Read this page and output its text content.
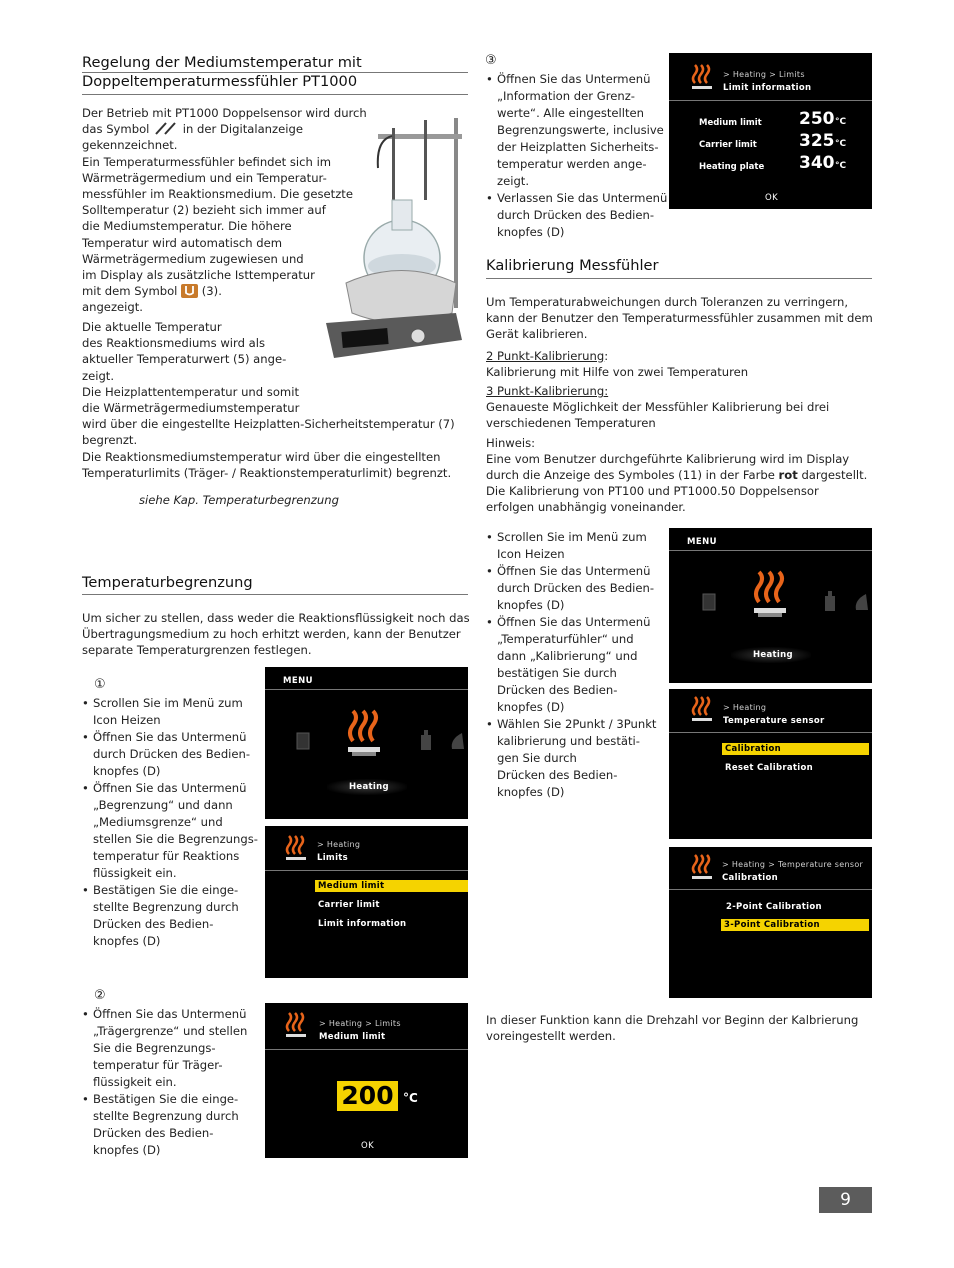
Regelung der Mediumstemperatur mit
Doppeltemperaturmessfühler PT1000
Der Betrieb mit PT1000 Doppelsensor wird durch
das Symbol	in der Digitalanzeige
gekennzeichnet.
Ein Temperaturmessfühler befindet sich im
Wärmeträgermedium und ein Temperatur-
messfühler im Reaktionsmedium. Die gesetzte
Solltemperatur (2) bezieht sich immer auf
die Mediumstemperatur. Die höhere
Temperatur wird automatisch dem
Wärmeträgermedium zugewiesen und
im Display als zusätzliche Isttemperatur
mit dem Symbol (3).
angezeigt.
Die aktuelle Temperatur
des Reaktionsmediums wird als
aktueller Temperaturwert (5) ange-
zeigt.
Die Heizplattentemperatur und somit
die Wärmeträgermediumstemperatur
wird über die eingestellte Heizplatten-Sicherheitstemperatur (7)
begrenzt.
Die Reaktionsmediumstemperatur wird über die eingestellten
Temperaturlimits (Träger- / Reaktionstemperaturlimit) begrenzt.
siehe Kap. Temperaturbegrenzung
Temperaturbegrenzung
Um sicher zu stellen, dass weder die Reaktionsflüssigkeit noch das
Übertragungsmedium zu hoch erhitzt werden, kann der Benutzer
separate Temperaturgrenzen festlegen.
①
• Scrollen Sie im Menü zum
Icon Heizen
• Öffnen Sie das Untermenü
durch Drücken des Bedien-
knopfes (D)
• Öffnen Sie das Untermenü
„Begrenzung“ und dann
„Mediumsgrenze“ und
stellen Sie die Begrenzungs-
temperatur für Reaktions
flüssigkeit ein.
• Bestätigen Sie die einge-
stellte Begrenzung durch
Drücken des Bedien-
knopfes (D)
②
• Öffnen Sie das Untermenü
„Trägergrenze“ und stellen
Sie die Begrenzungs-
temperatur für Träger-
flüssigkeit ein.
• Bestätigen Sie die einge-
stellte Begrenzung durch
Drücken des Bedien-
knopfes (D)
MENU
Heating
> Heating
Limits
Medium limit
Carrier limit
Limit information
> Heating > Limits
Medium limit
200 °C
OK
③
• Öffnen Sie das Untermenü
„Information der Grenz-
werte“. Alle eingestellten
Begrenzungswerte, inclusive
der Heizplatten Sicherheits-
temperatur werden ange-
zeigt.
• Verlassen Sie das Untermenü
durch Drücken des Bedien-
knopfes (D)
> Heating > Limits
Limit information
Medium limit 250 °C
Carrier limit 325 °C
Heating plate 340 °C
OK
Kalibrierung Messfühler
Um Temperaturabweichungen durch Toleranzen zu verringern,
kann der Benutzer den Temperaturmessfühler zusammen mit dem
Gerät kalibrieren.
2 Punkt-Kalibrierung:
Kalibrierung mit Hilfe von zwei Temperaturen
3 Punkt-Kalibrierung:
Genaueste Möglichkeit der Messfühler Kalibrierung bei drei
verschiedenen Temperaturen
Hinweis:
Eine vom Benutzer durchgeführte Kalibrierung wird im Display
durch die Anzeige des Symboles (11) in der Farbe rot dargestellt.
Die Kalibrierung von PT100 und PT1000.50 Doppelsensor
erfolgen unabhängig voneinander.
• Scrollen Sie im Menü zum
Icon Heizen
• Öffnen Sie das Untermenü
durch Drücken des Bedien-
knopfes (D)
• Öffnen Sie das Untermenü
„Temperaturfühler“ und
dann „Kalibrierung“ und
bestätigen Sie durch
Drücken des Bedien-
knopfes (D)
• Wählen Sie 2Punkt / 3Punkt
kalibrierung und bestäti-
gen Sie durch
Drücken des Bedien-
knopfes (D)
MENU
Heating
> Heating
Temperature sensor
Calibration
Reset Calibration
> Heating > Temperature sensor
Calibration
2-Point Calibration
3-Point Calibration
In dieser Funktion kann die Drehzahl vor Beginn der Kalbrierung
voreingestellt werden.
9
